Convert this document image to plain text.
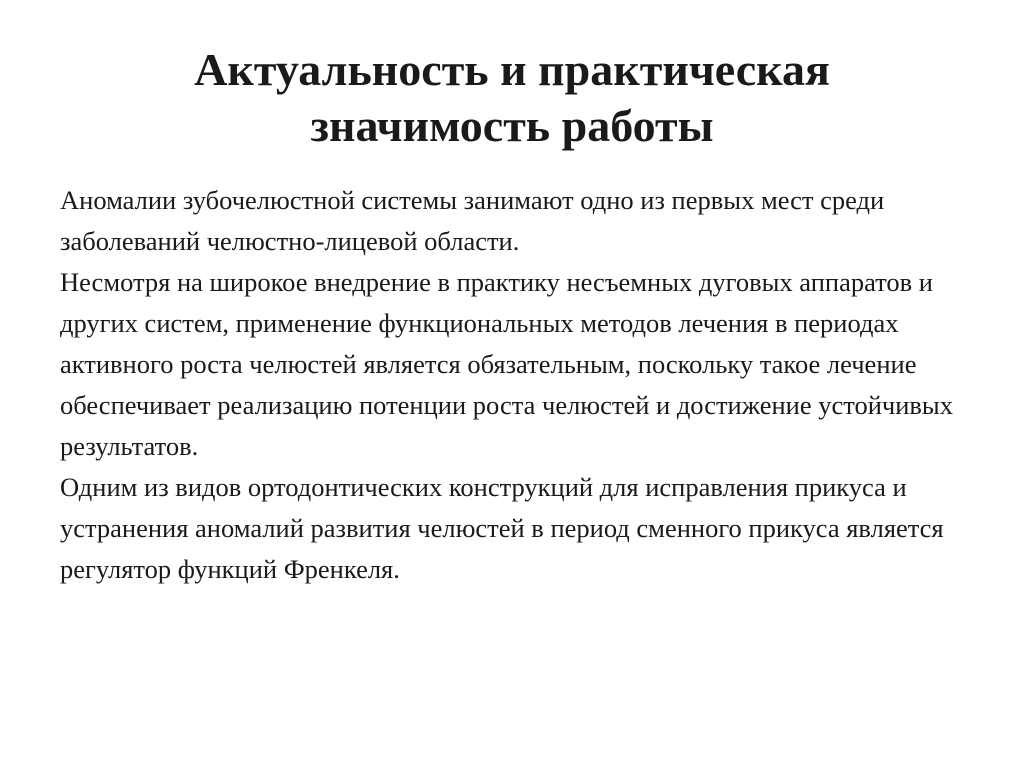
Актуальность и практическая
значимость работы

Аномалии зубочелюстной системы занимают одно из первых мест среди заболеваний челюстно-лицевой области.

Несмотря на широкое внедрение в практику несъемных дуговых аппаратов и других систем, применение функциональных методов лечения в периодах активного роста челюстей является обязательным, поскольку такое лечение обеспечивает реализацию потенции роста челюстей и достижение устойчивых результатов.

Одним из видов ортодонтических конструкций для исправления прикуса и устранения аномалий развития челюстей в период сменного прикуса является регулятор функций Френкеля.
